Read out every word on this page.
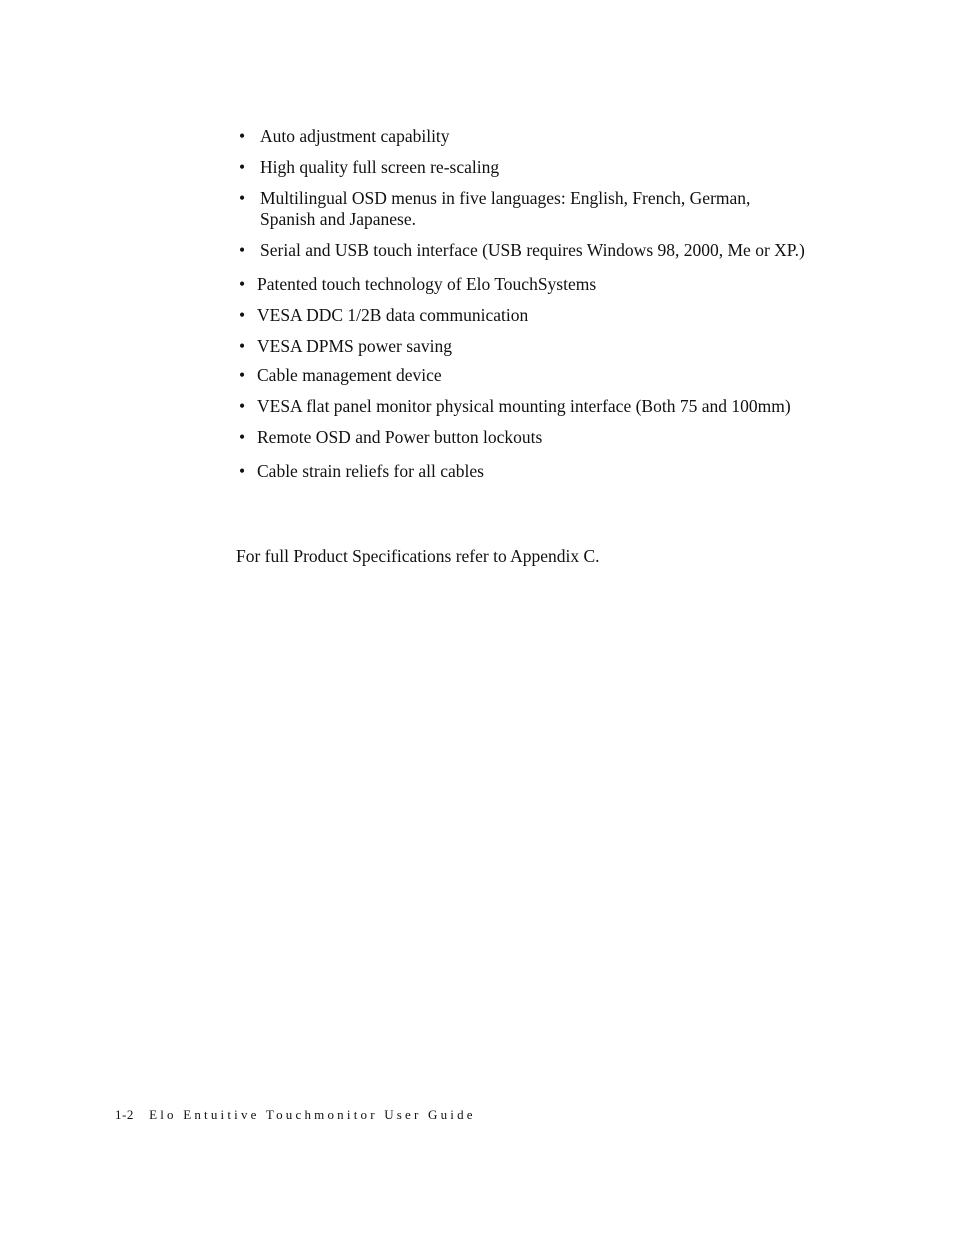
• Auto adjustment capability
• High quality full screen re-scaling
• Multilingual OSD menus in five languages: English, French, German, Spanish and Japanese.
• Serial and USB touch interface (USB requires Windows 98, 2000, Me or XP.)
• Patented touch technology of Elo TouchSystems
• VESA DDC 1/2B data communication
• VESA DPMS power saving
• Cable management device
• VESA flat panel monitor physical mounting interface (Both 75 and 100mm)
• Remote OSD and Power button lockouts
• Cable strain reliefs for all cables

For full Product Specifications refer to Appendix C.

1-2 Elo Entuitive Touchmonitor User Guide
